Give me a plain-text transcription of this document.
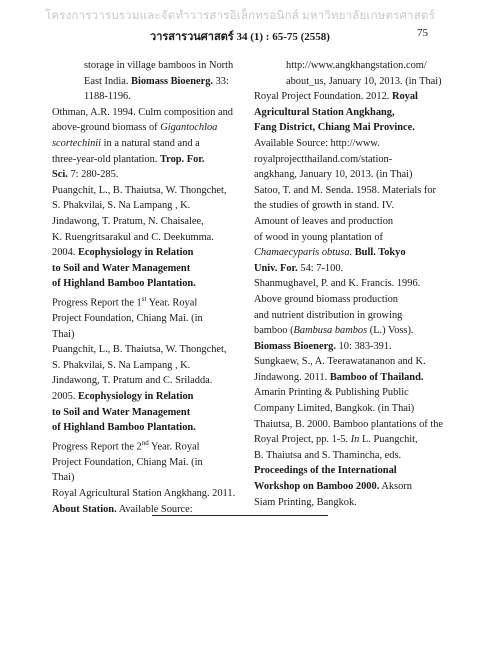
โครงการวารบรวมและจัดทำวารสารอิเล็กทรอนิกส์ มหาวิทยาลัยเกษตรศาสตร์
วารสารวนศาสตร์ 34 (1) : 65-75 (2558)	75
storage in village bamboos in North
East India. Biomass Bioenerg. 33:
1188-1196.
Othman, A.R. 1994. Culm composition and
above-ground biomass of Gigantochloa
scortechinii in a natural stand and a
three-year-old plantation. Trop. For.
Sci. 7: 280-285.
Puangchit, L., B. Thaiutsa, W. Thongchet,
S. Phakvilai, S. Na Lampang , K.
Jindawong, T. Pratum, N. Chaisalee,
K. Ruengritsarakul and C. Deekumma.
2004. Ecophysiology in Relation
to Soil and Water Management
of Highland Bamboo Plantation.
Progress Report the 1st Year. Royal
Project Foundation, Chiang Mai. (in
Thai)
Puangchit, L., B. Thaiutsa, W. Thongchet,
S. Phakvilai, S. Na Lampang , K.
Jindawong, T. Pratum and C. Sriladda.
2005. Ecophysiology in Relation
to Soil and Water Management
of Highland Bamboo Plantation.
Progress Report the 2nd Year. Royal
Project Foundation, Chiang Mai. (in
Thai)
Royal Agricultural Station Angkhang. 2011.
About Station. Available Source:
http://www.angkhangstation.com/
about_us, January 10, 2013. (in Thai)
Royal Project Foundation. 2012. Royal
Agricultural Station Angkhang,
Fang District, Chiang Mai Province.
Available Source: http://www.
royalprojectthailand.com/station-
angkhang, January 10, 2013. (in Thai)
Satoo, T. and M. Senda. 1958. Materials for
the studies of growth in stand. IV.
Amount of leaves and production
of wood in young plantation of
Chamaecyparis obtusa. Bull. Tokyo
Univ. For. 54: 7-100.
Shanmughavel, P. and K. Francis. 1996.
Above ground biomass production
and nutrient distribution in growing
bamboo (Bambusa bambos (L.) Voss).
Biomass Bioenerg. 10: 383-391.
Sungkaew, S., A. Teerawatananon and K.
Jindawong. 2011. Bamboo of Thailand.
Amarin Printing & Publishing Public
Company Limited, Bangkok. (in Thai)
Thaiutsa, B. 2000. Bamboo plantations of the
Royal Project, pp. 1-5. In L. Puangchit,
B. Thaiutsa and S. Thamincha, eds.
Proceedings of the International
Workshop on Bamboo 2000. Aksorn
Siam Printing, Bangkok.
